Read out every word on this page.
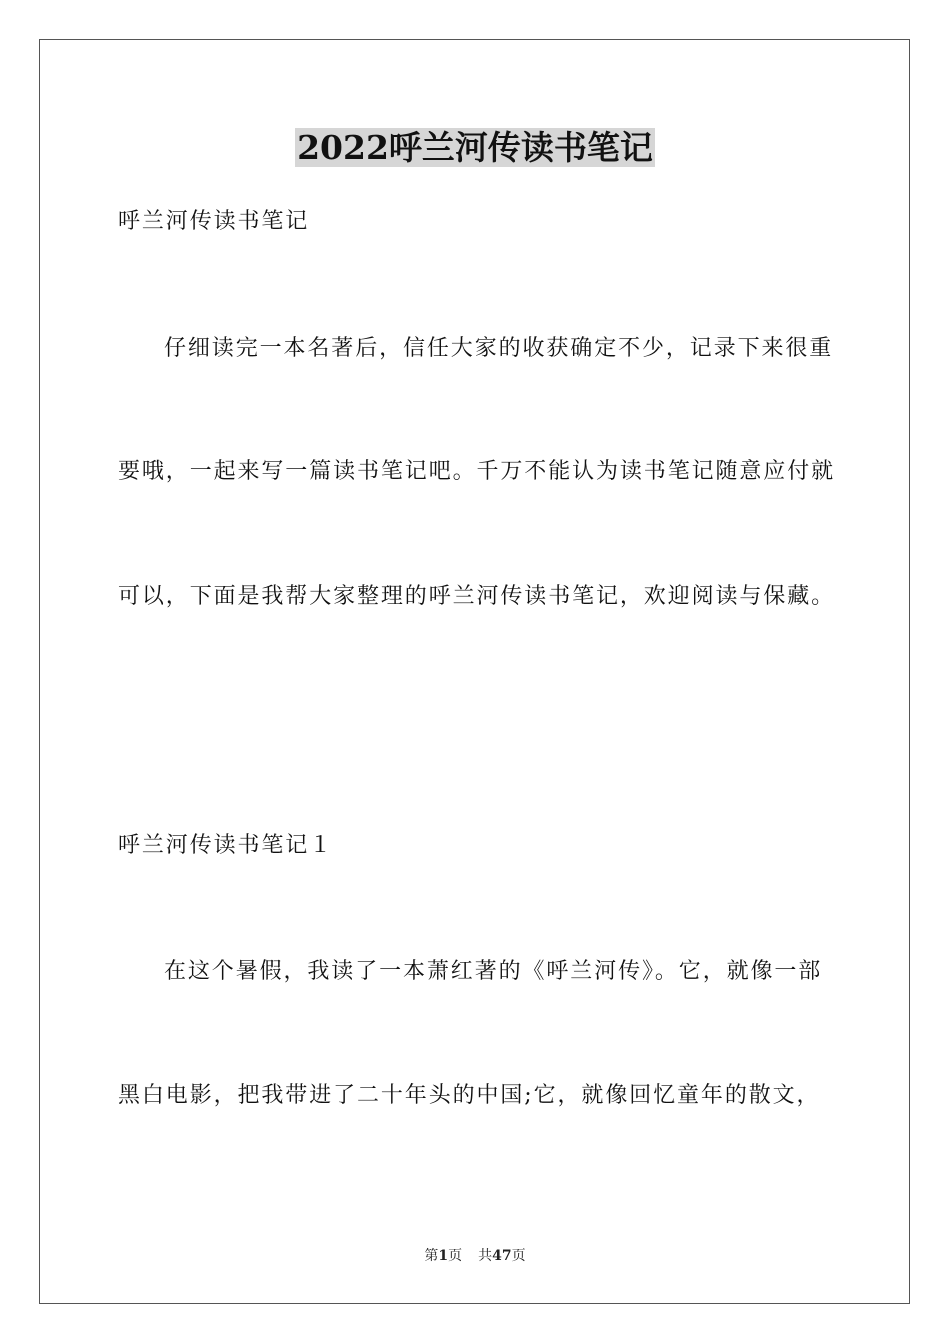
2022呼兰河传读书笔记
呼兰河传读书笔记
仔细读完一本名著后，信任大家的收获确定不少，记录下来很重
要哦，一起来写一篇读书笔记吧。千万不能认为读书笔记随意应付就
可以，下面是我帮大家整理的呼兰河传读书笔记，欢迎阅读与保藏。
呼兰河传读书笔记１
在这个暑假，我读了一本萧红著的《呼兰河传》。它，就像一部
黑白电影，把我带进了二十年头的中国;它，就像回忆童年的散文，
第1页 共47页
